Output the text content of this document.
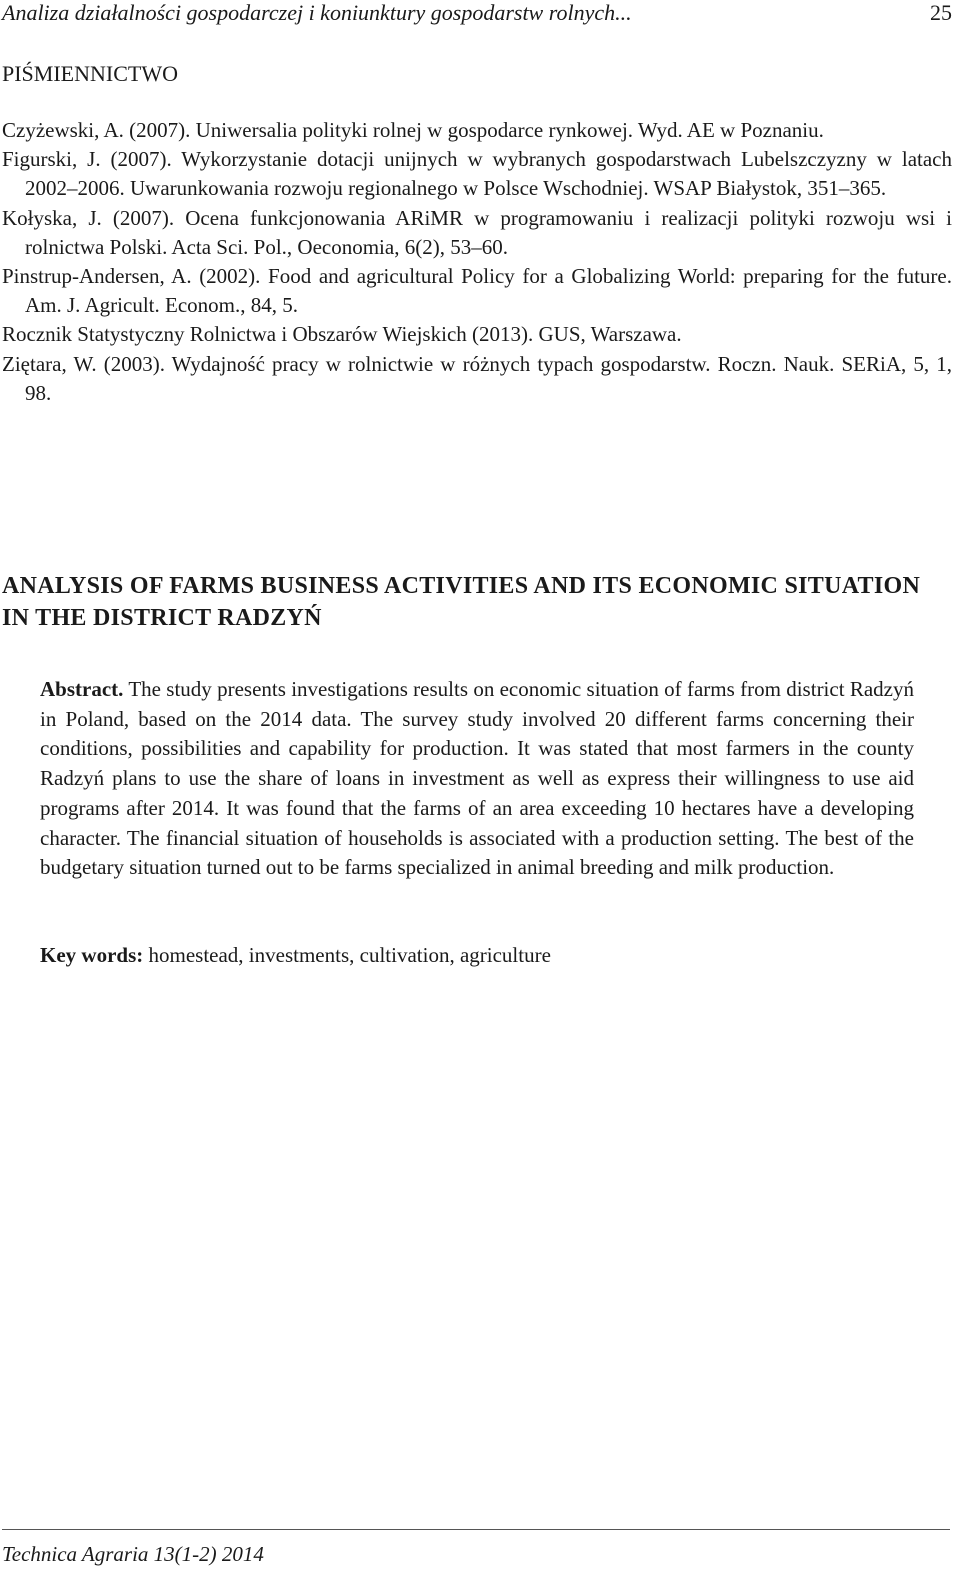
Analiza działalności gospodarczej i koniunktury gospodarstw rolnych...	25
PIŚMIENNICTWO
Czyżewski, A. (2007). Uniwersalia polityki rolnej w gospodarce rynkowej. Wyd. AE w Poznaniu.
Figurski, J. (2007). Wykorzystanie dotacji unijnych w wybranych gospodarstwach Lubelszczyzny w latach 2002–2006. Uwarunkowania rozwoju regionalnego w Polsce Wschodniej. WSAP Białystok, 351–365.
Kołyska, J. (2007). Ocena funkcjonowania ARiMR w programowaniu i realizacji polityki rozwoju wsi i rolnictwa Polski. Acta Sci. Pol., Oeconomia, 6(2), 53–60.
Pinstrup-Andersen, A. (2002). Food and agricultural Policy for a Globalizing World: preparing for the future. Am. J. Agricult. Econom., 84, 5.
Rocznik Statystyczny Rolnictwa i Obszarów Wiejskich (2013). GUS, Warszawa.
Ziętara, W. (2003). Wydajność pracy w rolnictwie w różnych typach gospodarstw. Roczn. Nauk. SERiA, 5, 1, 98.
ANALYSIS OF FARMS BUSINESS ACTIVITIES AND ITS ECONOMIC SITUATION IN THE DISTRICT RADZYŃ

Abstract. The study presents investigations results on economic situation of farms from district Radzyń in Poland, based on the 2014 data. The survey study involved 20 different farms concerning their conditions, possibilities and capability for production. It was stated that most farmers in the county Radzyń plans to use the share of loans in investment as well as express their willingness to use aid programs after 2014. It was found that the farms of an area exceeding 10 hectares have a developing character. The financial situation of households is associated with a production setting. The best of the budgetary situation turned out to be farms specialized in animal breeding and milk production.

Key words: homestead, investments, cultivation, agriculture

Technica Agraria 13(1-2) 2014
